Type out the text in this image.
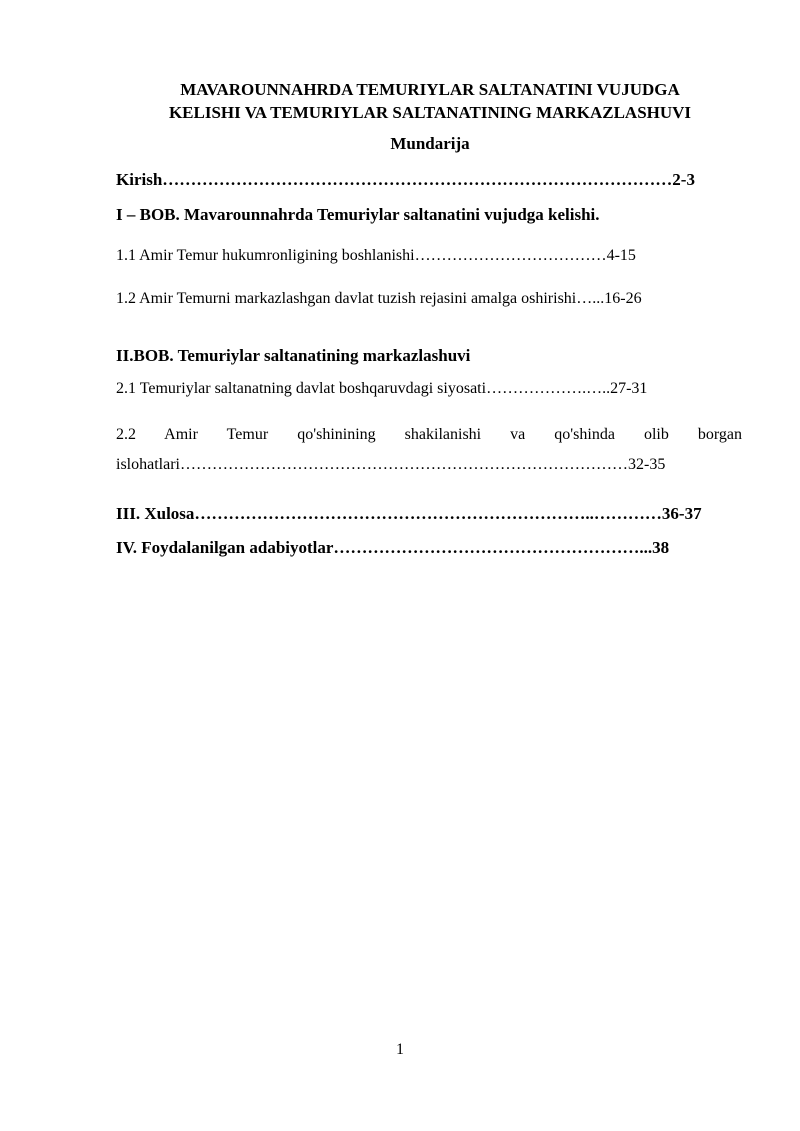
MAVAROUNNAHRDA TEMURIYLAR SALTANATINI VUJUDGA
KELISHI VA TEMURIYLAR SALTANATINING MARKAZLASHUVI
Mundarija
Kirish………………………………………………………………………………2-3
I – BOB. Mavarounnahrda Temuriylar saltanatini vujudga kelishi.
1.1 Amir Temur hukumronligining boshlanishi………………………………4-15
1.2 Amir Temurni markazlashgan davlat tuzish rejasini amalga oshirishi…...16-26
II.BOB. Temuriylar saltanatining markazlashuvi
2.1 Temuriylar saltanatning davlat boshqaruvdagi siyosati……………….…..27-31
2.2 Amir Temur qo'shinining shakilanishi va qo'shinda olib borgan islohatlari…………………………………………………………………………32-35
III. Xulosa……………………………………………………………..…………36-37
IV. Foydalanilgan adabiyotlar………………………………………………...38
1
